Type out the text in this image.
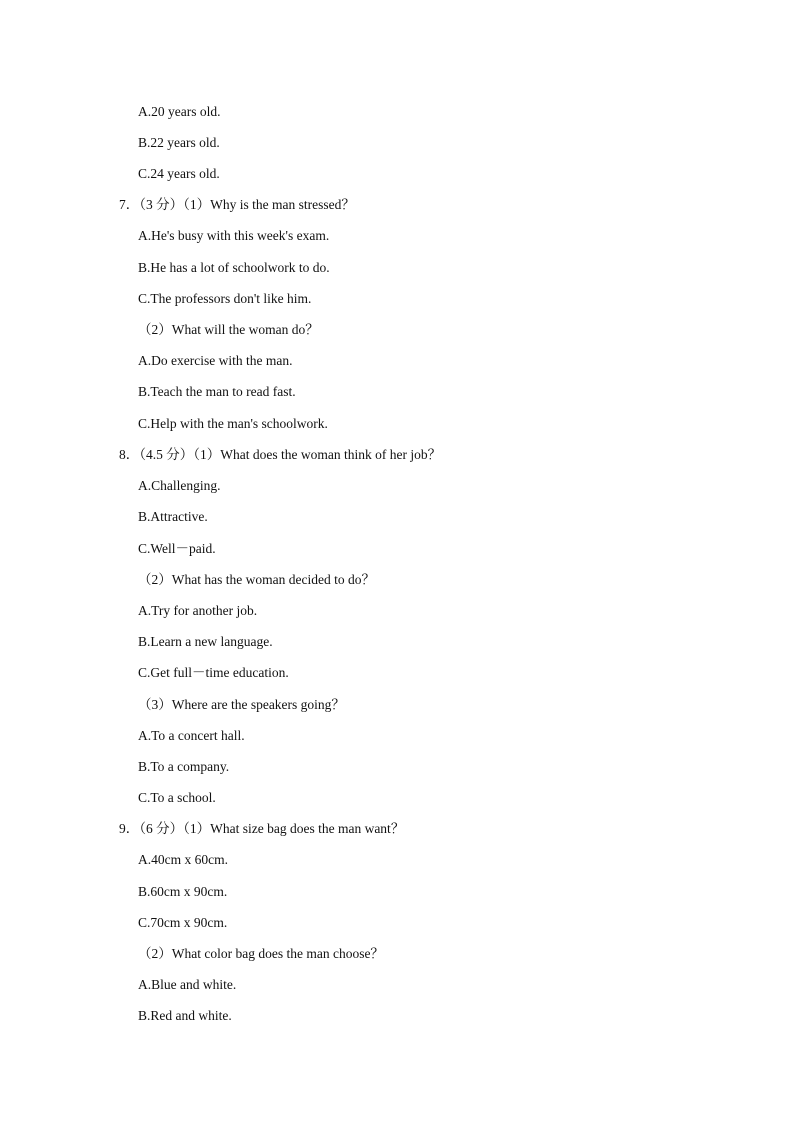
A.20 years old.
B.22 years old.
C.24 years old.
7．（3 分）（1）Why is the man stressed？
A.He's busy with this week's exam.
B.He has a lot of schoolwork to do.
C.The professors don't like him.
（2）What will the woman do？
A.Do exercise with the man.
B.Teach the man to read fast.
C.Help with the man's schoolwork.
8．（4.5 分）（1）What does the woman think of her job？
A.Challenging.
B.Attractive.
C.Well－paid.
（2）What has the woman decided to do？
A.Try for another job.
B.Learn a new language.
C.Get full－time education.
（3）Where are the speakers going？
A.To a concert hall.
B.To a company.
C.To a school.
9．（6 分）（1）What size bag does the man want？
A.40cm x 60cm.
B.60cm x 90cm.
C.70cm x 90cm.
（2）What color bag does the man choose？
A.Blue and white.
B.Red and white.
